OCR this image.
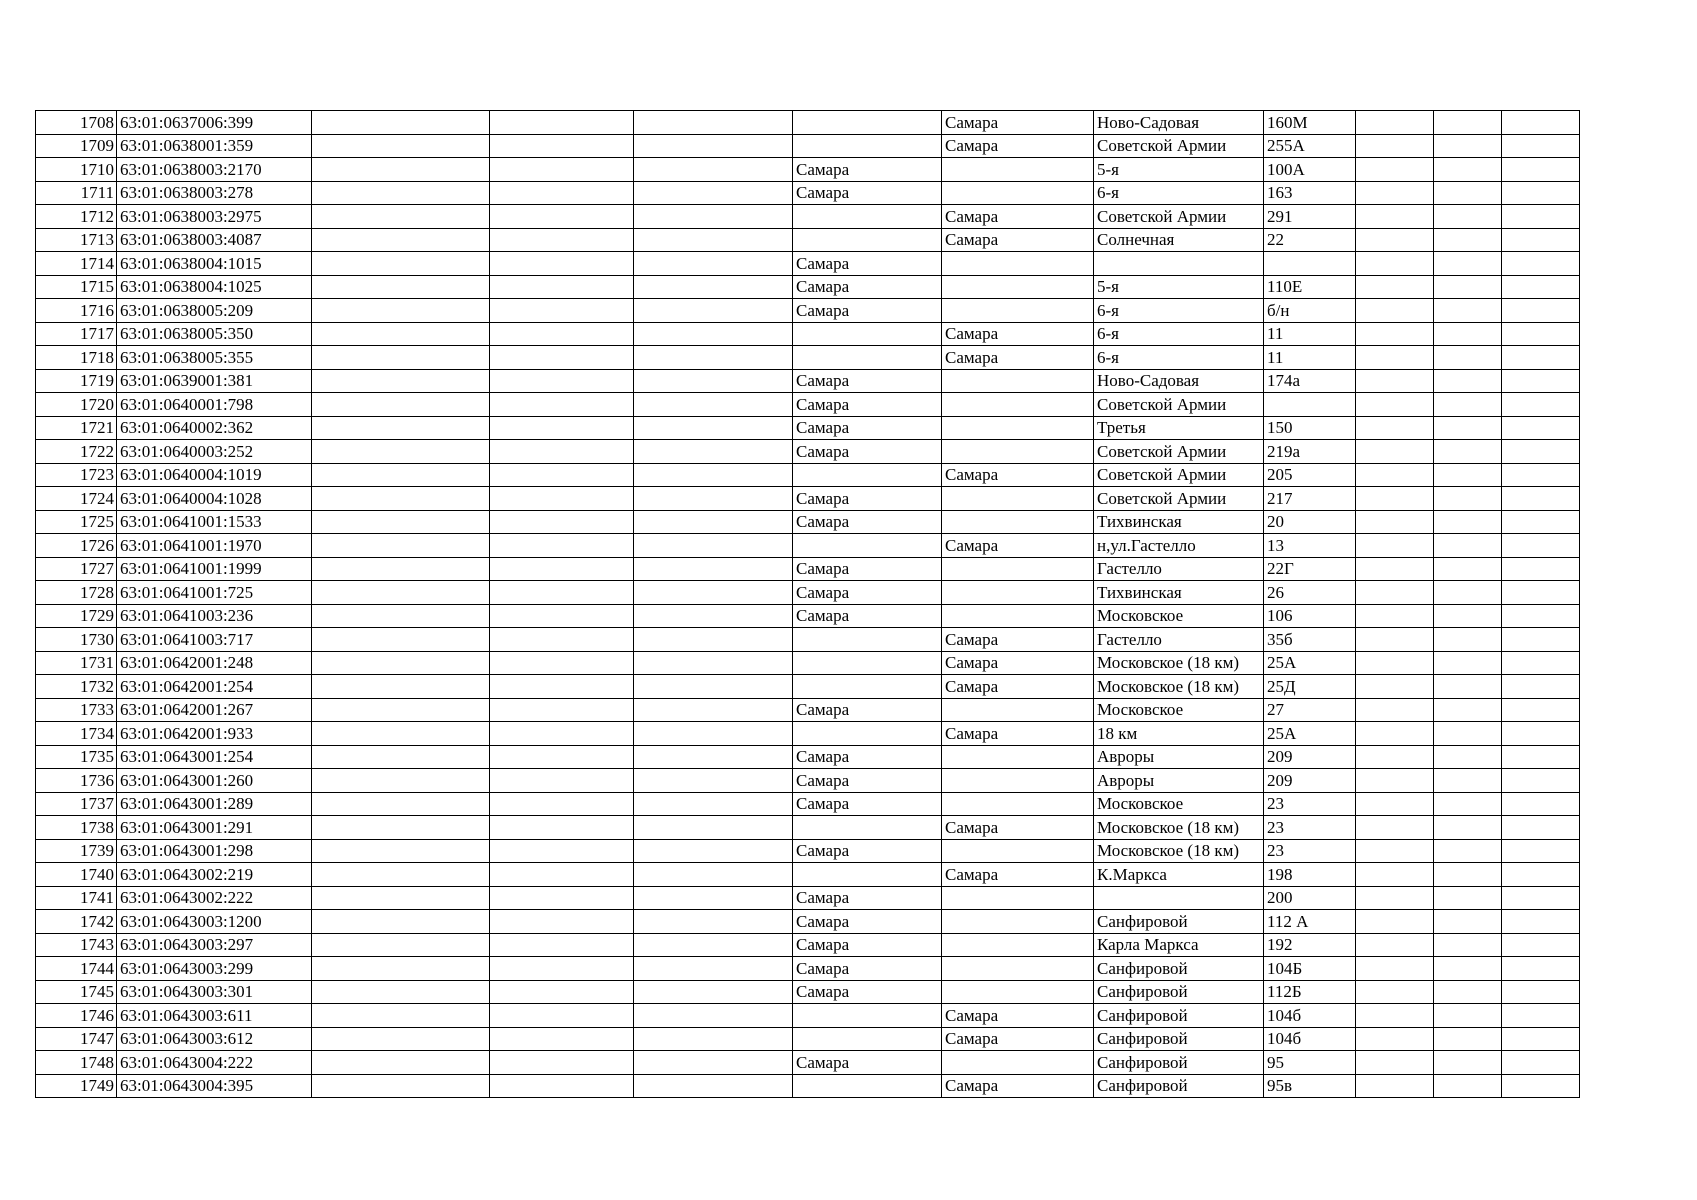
1708	63:01:0637006:399					Самара	Ново-Садовая	160М			
1709	63:01:0638001:359					Самара	Советской Армии	255А			
1710	63:01:0638003:2170				Самара		5-я	100А			
1711	63:01:0638003:278				Самара		6-я	163			
1712	63:01:0638003:2975					Самара	Советской Армии	291			
1713	63:01:0638003:4087					Самара	Солнечная	22			
1714	63:01:0638004:1015				Самара						
1715	63:01:0638004:1025				Самара		5-я	110Е			
1716	63:01:0638005:209				Самара		6-я	б/н			
1717	63:01:0638005:350					Самара	6-я	11			
1718	63:01:0638005:355					Самара	6-я	11			
1719	63:01:0639001:381				Самара		Ново-Садовая	174а			
1720	63:01:0640001:798				Самара		Советской Армии				
1721	63:01:0640002:362				Самара		Третья	150			
1722	63:01:0640003:252				Самара		Советской Армии	219а			
1723	63:01:0640004:1019					Самара	Советской Армии	205			
1724	63:01:0640004:1028				Самара		Советской Армии	217			
1725	63:01:0641001:1533				Самара		Тихвинская	20			
1726	63:01:0641001:1970					Самара	н,ул.Гастелло	13			
1727	63:01:0641001:1999				Самара		Гастелло	22Г			
1728	63:01:0641001:725				Самара		Тихвинская	26			
1729	63:01:0641003:236				Самара		Московское	106			
1730	63:01:0641003:717					Самара	Гастелло	35б			
1731	63:01:0642001:248					Самара	Московское (18 км)	25А			
1732	63:01:0642001:254					Самара	Московское (18 км)	25Д			
1733	63:01:0642001:267				Самара		Московское	27			
1734	63:01:0642001:933					Самара	18 км	25А			
1735	63:01:0643001:254				Самара		Авроры	209			
1736	63:01:0643001:260				Самара		Авроры	209			
1737	63:01:0643001:289				Самара		Московское	23			
1738	63:01:0643001:291					Самара	Московское (18 км)	23			
1739	63:01:0643001:298				Самара		Московское (18 км)	23			
1740	63:01:0643002:219					Самара	К.Маркса	198			
1741	63:01:0643002:222				Самара			200			
1742	63:01:0643003:1200				Самара		Санфировой	112 А			
1743	63:01:0643003:297				Самара		Карла Маркса	192			
1744	63:01:0643003:299				Самара		Санфировой	104Б			
1745	63:01:0643003:301				Самара		Санфировой	112Б			
1746	63:01:0643003:611					Самара	Санфировой	104б			
1747	63:01:0643003:612					Самара	Санфировой	104б			
1748	63:01:0643004:222				Самара		Санфировой	95			
1749	63:01:0643004:395					Самара	Санфировой	95в			
